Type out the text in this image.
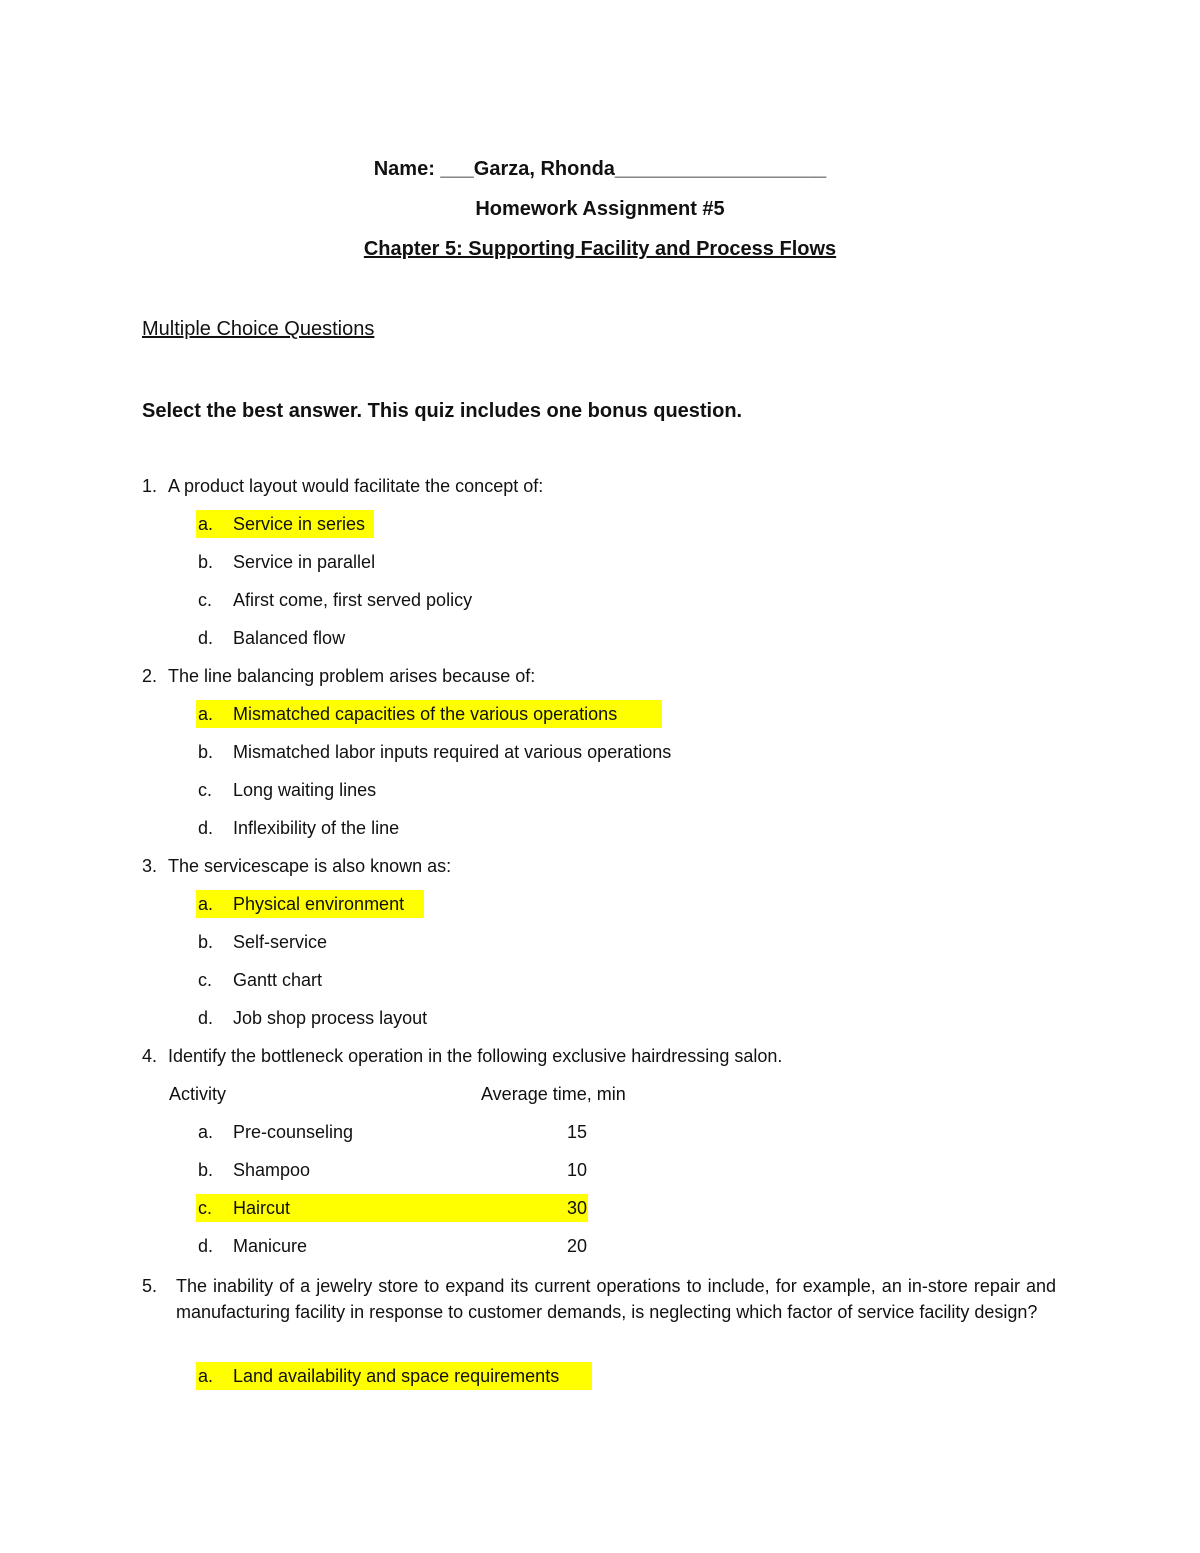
Name: ___Garza, Rhonda___________________
Homework Assignment #5
Chapter 5: Supporting Facility and Process Flows
Multiple Choice Questions
Select the best answer. This quiz includes one bonus question.
1. A product layout would facilitate the concept of:
a. Service in series
b. Service in parallel
c. Afirst come, first served policy
d. Balanced flow
2. The line balancing problem arises because of:
a. Mismatched capacities of the various operations
b. Mismatched labor inputs required at various operations
c. Long waiting lines
d. Inflexibility of the line
3. The servicescape is also known as:
a. Physical environment
b. Self-service
c. Gantt chart
d. Job shop process layout
4. Identify the bottleneck operation in the following exclusive hairdressing salon.
Activity	Average time, min
a. Pre-counseling	15
b. Shampoo	10
c. Haircut	30
d. Manicure	20
5. The inability of a jewelry store to expand its current operations to include, for example, an in-store repair and manufacturing facility in response to customer demands, is neglecting which factor of service facility design?
a. Land availability and space requirements
